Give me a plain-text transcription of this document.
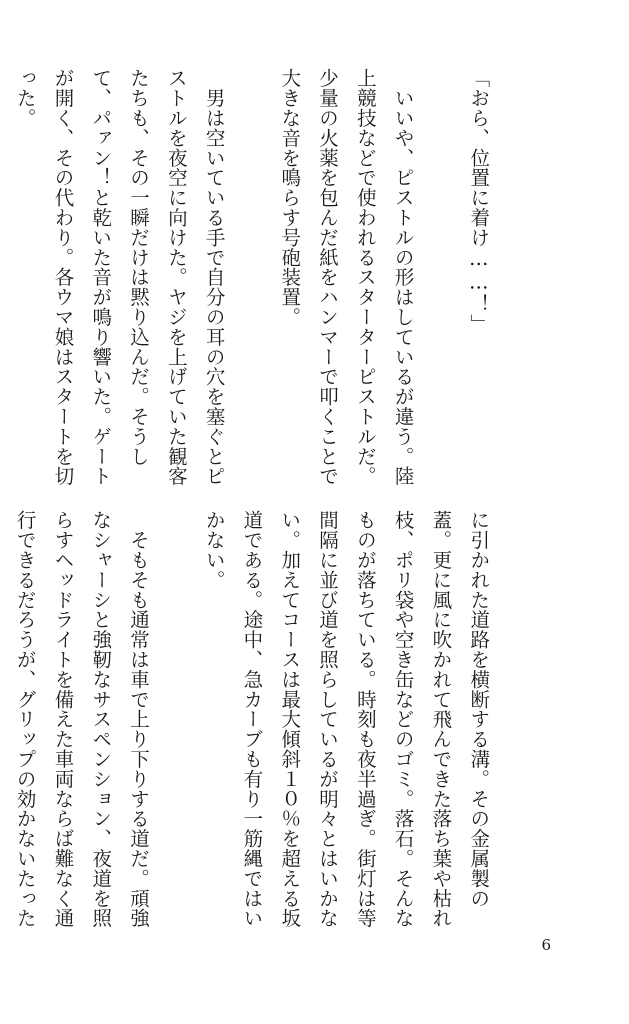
「おら、位置に着け……！」

　いいや、ピストルの形はしているが違う。陸上競技などで使われるスターターピストルだ。少量の火薬を包んだ紙をハンマーで叩くことで大きな音を鳴らす号砲装置。

　男は空いている手で自分の耳の穴を塞ぐとピストルを夜空に向けた。ヤジを上げていた観客たちも、その一瞬だけは黙り込んだ。そうして、パァン！と乾いた音が鳴り響いた。ゲートが開く、その代わり。各ウマ娘はスタートを切った。

に引かれた道路を横断する溝。その金属製の蓋。更に風に吹かれて飛んできた落ち葉や枯れ枝、ポリ袋や空き缶などのゴミ。落石。そんなものが落ちている。時刻も夜半過ぎ。街灯は等間隔に並び道を照らしているが明々とはいかない。加えてコースは最大傾斜１０％を超える坂道である。途中、急カーブも有り一筋縄ではいかない。

　そもそも通常は車で上り下りする道だ。頑強なシャーシと強靭なサスペンション、夜道を照らすヘッドライトを備えた車両ならば難なく通行できるだろうが、グリップの効かないたった

6
